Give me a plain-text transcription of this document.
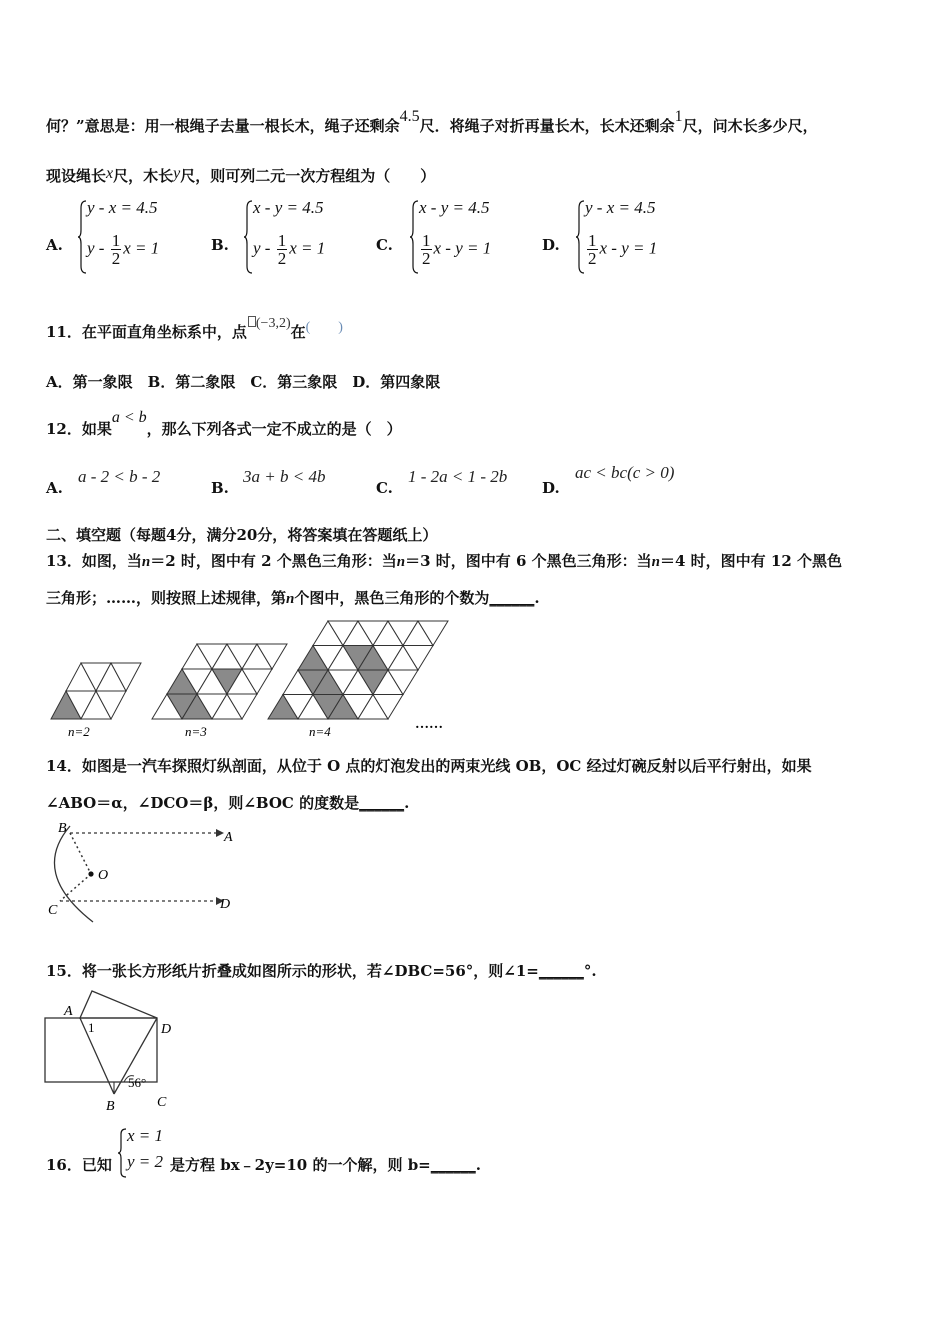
何？”意思是：用一根绳子去量一根长木，绳子还剩余4.5尺．将绳子对折再量长木，长木还剩余1尺，问木长多少尺，
现设绳长x尺，木长y尺，则可列二元一次方程组为（　　）
A.
y - x = 4.5
y - $\frac{1}{2}$ x = 1	B.
x - y = 4.5
y - $\frac{1}{2}$ x = 1	C.
x - y = 4.5
$\frac{1}{2}$ x - y = 1	D.
y - x = 4.5
$\frac{1}{2}$ x - y = 1
11．在平面直角坐标系中，点 (−3,2)在(　　)
A．第一象限　B．第二象限　C．第三象限　D．第四象限
12．如果a < b，那么下列各式一定不成立的是（　）
A.
a - 2 < b - 2
B.
3a + b < 4b
C.
1 - 2a < 1 - 2b
D.
ac < bc(c > 0)
二、填空题（每题4分，满分20分，将答案填在答题纸上）
13．如图，当n＝2 时，图中有 2 个黑色三角形：当n＝3 时，图中有 6 个黑色三角形：当n＝4 时，图中有 12 个黑色
三角形；……，则按照上述规律，第n个图中，黑色三角形的个数为______.
n=2	n=3	n=4	……
14．如图是一汽车探照灯纵剖面，从位于 O 点的灯泡发出的两束光线 OB，OC 经过灯碗反射以后平行射出，如果
∠ABO＝α，∠DCO＝β，则∠BOC 的度数是______.
B
A
O
C	D
15．将一张长方形纸片折叠成如图所示的形状，若∠DBC=56°，则∠1=______°.
A
1	D
56°
B	C
16．已知
x = 1
y = 2 是方程 bx﹣2y=10 的一个解，则 b=______.
